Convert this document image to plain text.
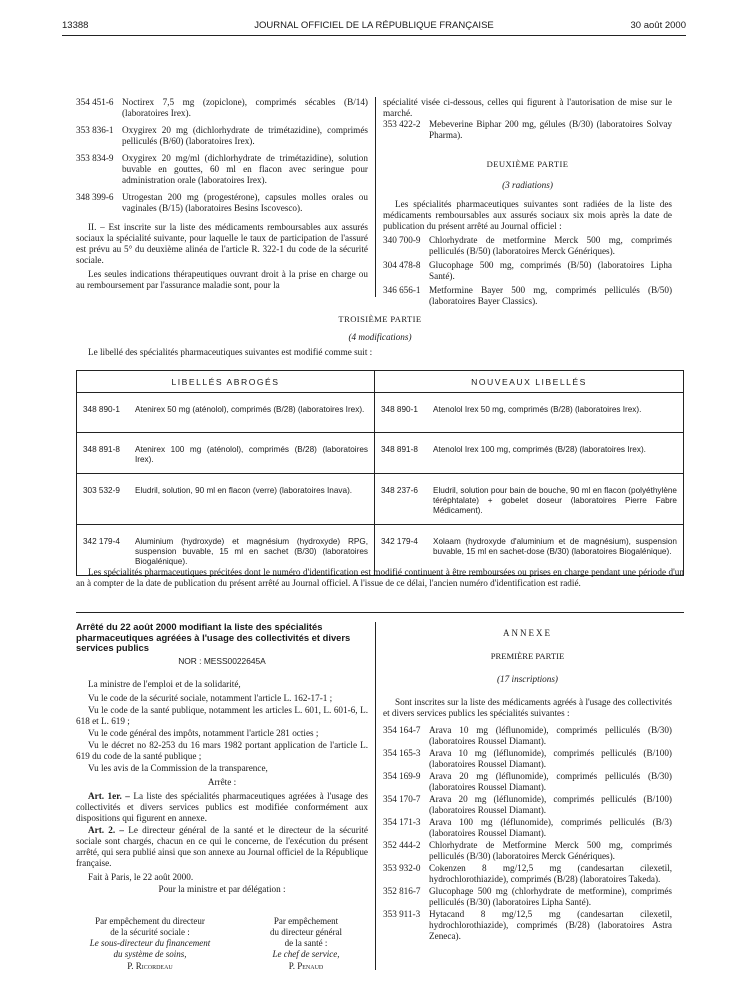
13388	JOURNAL OFFICIEL DE LA RÉPUBLIQUE FRANÇAISE	30 août 2000
354 451-6 Noctirex 7,5 mg (zopiclone), comprimés sécables (B/14) (laboratoires Irex).
353 836-1 Oxygirex 20 mg (dichlorhydrate de trimétazidine), comprimés pelliculés (B/60) (laboratoires Irex).
353 834-9 Oxygirex 20 mg/ml (dichlorhydrate de trimétazidine), solution buvable en gouttes, 60 ml en flacon avec seringue pour administration orale (laboratoires Irex).
348 399-6 Utrogestan 200 mg (progestérone), capsules molles orales ou vaginales (B/15) (laboratoires Besins Iscovesco).
II. – Est inscrite sur la liste des médicaments remboursables aux assurés sociaux la spécialité suivante, pour laquelle le taux de participation de l'assuré est prévu au 5° du deuxième alinéa de l'article R. 322-1 du code de la sécurité sociale.
Les seules indications thérapeutiques ouvrant droit à la prise en charge ou au remboursement par l'assurance maladie sont, pour la
spécialité visée ci-dessous, celles qui figurent à l'autorisation de mise sur le marché.
353 422-2 Mebeverine Biphar 200 mg, gélules (B/30) (laboratoires Solvay Pharma).
DEUXIÈME PARTIE
(3 radiations)
Les spécialités pharmaceutiques suivantes sont radiées de la liste des médicaments remboursables aux assurés sociaux six mois après la date de publication du présent arrêté au Journal officiel :
340 700-9 Chlorhydrate de metformine Merck 500 mg, comprimés pelliculés (B/50) (laboratoires Merck Génériques).
304 478-8 Glucophage 500 mg, comprimés (B/50) (laboratoires Lipha Santé).
346 656-1 Metformine Bayer 500 mg, comprimés pelliculés (B/50) (laboratoires Bayer Classics).
TROISIÈME PARTIE
(4 modifications)
Le libellé des spécialités pharmaceutiques suivantes est modifié comme suit :
LIBELLÉS ABROGÉS	NOUVEAUX LIBELLÉS

348 890-1 Atenirex 50 mg (aténolol), comprimés (B/28) (laboratoires Irex).	348 890-1 Atenolol Irex 50 mg, comprimés (B/28) (laboratoires Irex).

348 891-8 Atenirex 100 mg (aténolol), comprimés (B/28) (laboratoires Irex).	348 891-8 Atenolol Irex 100 mg, comprimés (B/28) (laboratoires Irex).

303 532-9 Eludril, solution, 90 ml en flacon (verre) (laboratoires Inava).	348 237-6 Eludril, solution pour bain de bouche, 90 ml en flacon (polyéthylène téréphtalate) + gobelet doseur (laboratoires Pierre Fabre Médicament).

342 179-4 Aluminium (hydroxyde) et magnésium (hydroxyde) RPG, suspension buvable, 15 ml en sachet (B/30) (laboratoires Biogalénique).	342 179-4 Xolaam (hydroxyde d'aluminium et de magnésium), suspension buvable, 15 ml en sachet-dose (B/30) (laboratoires Biogalénique).
Les spécialités pharmaceutiques précitées dont le numéro d'identification est modifié continuent à être remboursées ou prises en charge pendant une période d'un an à compter de la date de publication du présent arrêté au Journal officiel. A l'issue de ce délai, l'ancien numéro d'identification est radié.
Arrêté du 22 août 2000 modifiant la liste des spécialités pharmaceutiques agréées à l'usage des collectivités et divers services publics
NOR : MESS0022645A
La ministre de l'emploi et de la solidarité,
Vu le code de la sécurité sociale, notamment l'article L. 162-17-1 ;
Vu le code de la santé publique, notamment les articles L. 601, L. 601-6, L. 618 et L. 619 ;
Vu le code général des impôts, notamment l'article 281 octies ;
Vu le décret no 82-253 du 16 mars 1982 portant application de l'article L. 619 du code de la santé publique ;
Vu les avis de la Commission de la transparence,
Arrête :
Art. 1er. – La liste des spécialités pharmaceutiques agréées à l'usage des collectivités et divers services publics est modifiée conformément aux dispositions qui figurent en annexe.
Art. 2. – Le directeur général de la santé et le directeur de la sécurité sociale sont chargés, chacun en ce qui le concerne, de l'exécution du présent arrêté, qui sera publié ainsi que son annexe au Journal officiel de la République française.
Fait à Paris, le 22 août 2000.
Pour la ministre et par délégation :
Par empêchement du directeur
de la sécurité sociale :
Le sous-directeur du financement
du système de soins,
P. Ricordeau
Par empêchement
du directeur général
de la santé :
Le chef de service,
P. Penaud
ANNEXE
PREMIÈRE PARTIE
(17 inscriptions)
Sont inscrites sur la liste des médicaments agréés à l'usage des collectivités et divers services publics les spécialités suivantes :
354 164-7 Arava 10 mg (léflunomide), comprimés pelliculés (B/30) (laboratoires Roussel Diamant).
354 165-3 Arava 10 mg (léflunomide), comprimés pelliculés (B/100) (laboratoires Roussel Diamant).
354 169-9 Arava 20 mg (léflunomide), comprimés pelliculés (B/30) (laboratoires Roussel Diamant).
354 170-7 Arava 20 mg (léflunomide), comprimés pelliculés (B/100) (laboratoires Roussel Diamant).
354 171-3 Arava 100 mg (léflunomide), comprimés pelliculés (B/3) (laboratoires Roussel Diamant).
352 444-2 Chlorhydrate de Metformine Merck 500 mg, comprimés pelliculés (B/30) (laboratoires Merck Génériques).
353 932-0 Cokenzen 8 mg/12,5 mg (candesartan cilexetil, hydrochlorothiazide), comprimés (B/28) (laboratoires Takeda).
352 816-7 Glucophage 500 mg (chlorhydrate de metformine), comprimés pelliculés (B/30) (laboratoires Lipha Santé).
353 911-3 Hytacand 8 mg/12,5 mg (candesartan cilexetil, hydrochlorothiazide), comprimés (B/28) (laboratoires Astra Zeneca).
